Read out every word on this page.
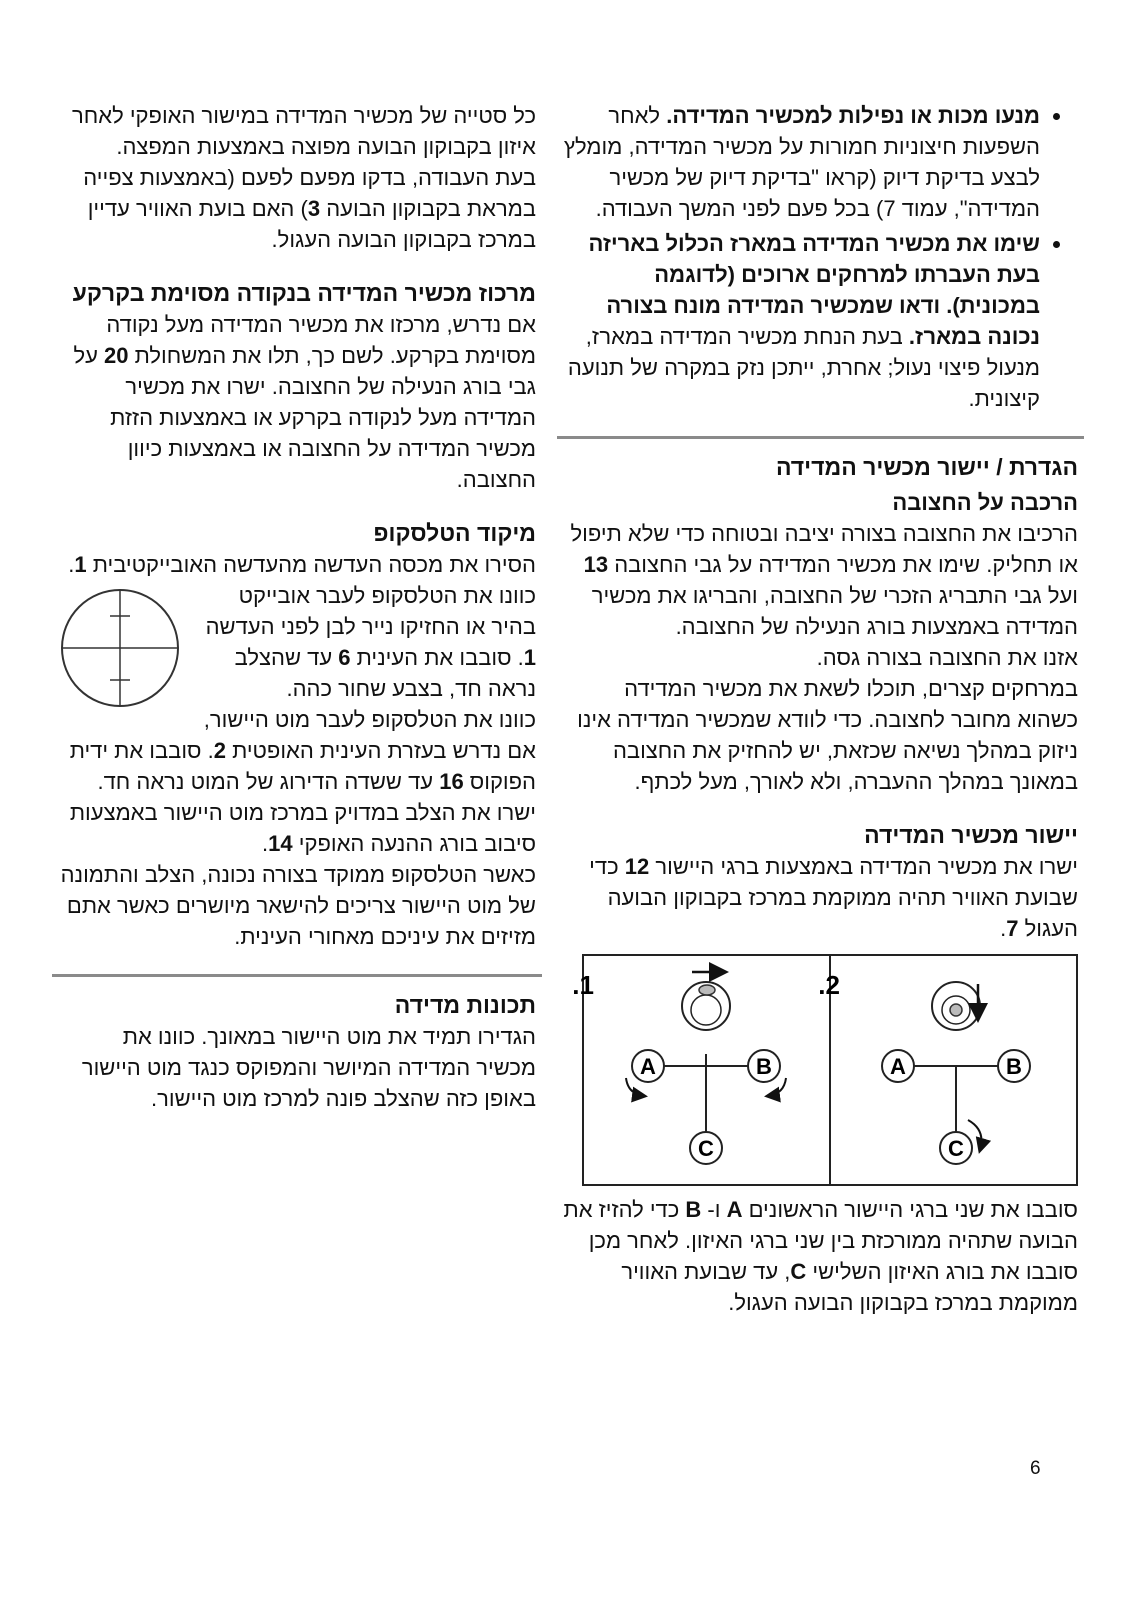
• מנעו מכות או נפילות למכשיר המדידה. לאחר השפעות חיצוניות חמורות על מכשיר המדידה, מומלץ לבצע בדיקת דיוק (קראו "בדיקת דיוק של מכשיר המדידה", עמוד 7) בכל פעם לפני המשך העבודה.
• שימו את מכשיר המדידה במארז הכלול באריזה בעת העברתו למרחקים ארוכים (לדוגמה במכונית). ודאו שמכשיר המדידה מונח בצורה נכונה במארז. בעת הנחת מכשיר המדידה במארז, מנעול פיצוי נעול; אחרת, ייתכן נזק במקרה של תנועה קיצונית.
הגדרת / יישור מכשיר המדידה
הרכבה על החצובה

הרכיבו את החצובה בצורה יציבה ובטוחה כדי שלא תיפול או תחליק. שימו את מכשיר המדידה על גבי החצובה 13 ועל גבי התבריג הזכרי של החצובה, והבריגו את מכשיר המדידה באמצעות בורג הנעילה של החצובה.

אזנו את החצובה בצורה גסה.

במרחקים קצרים, תוכלו לשאת את מכשיר המדידה כשהוא מחובר לחצובה. כדי לוודא שמכשיר המדידה אינו ניזוק במהלך נשיאה שכזאת, יש להחזיק את החצובה במאונך במהלך ההעברה, ולא לאורך, מעל לכתף.

יישור מכשיר המדידה

ישרו את מכשיר המדידה באמצעות ברגי היישור 12 כדי שבועת האוויר תהיה ממוקמת במרכז בקבוקון הבועה העגול 7.

1.
A	B
C
2.
A	B
C

סובבו את שני ברגי היישור הראשונים A ו- B כדי להזיז את הבועה שתהיה ממורכזת בין שני ברגי האיזון. לאחר מכן סובבו את בורג האיזון השלישי C, עד שבועת האוויר ממוקמת במרכז בקבוקון הבועה העגול.

כל סטייה של מכשיר המדידה במישור האופקי לאחר איזון בקבוקון הבועה מפוצה באמצעות המפצה.

בעת העבודה, בדקו מפעם לפעם (באמצעות צפייה במראת בקבוקון הבועה 3) האם בועת האוויר עדיין במרכז בקבוקון הבועה העגול.

מרכוז מכשיר המדידה בנקודה מסוימת בקרקע

אם נדרש, מרכזו את מכשיר המדידה מעל נקודה מסוימת בקרקע. לשם כך, תלו את המשחולת 20 על גבי בורג הנעילה של החצובה. ישרו את מכשיר המדידה מעל לנקודה בקרקע או באמצעות הזזת מכשיר המדידה על החצובה או באמצעות כיוון החצובה.

מיקוד הטלסקופ

הסירו את מכסה העדשה מהעדשה האובייקטיבית 1.

כוונו את הטלסקופ לעבר אובייקט בהיר או החזיקו נייר לבן לפני העדשה 1. סובבו את העינית 6 עד שהצלב נראה חד, בצבע שחור כהה.

כוונו את הטלסקופ לעבר מוט היישור, אם נדרש בעזרת העינית האופטית 2. סובבו את ידית הפוקוס 16 עד ששדה הדירוג של המוט נראה חד. ישרו את הצלב במדויק במרכז מוט היישור באמצעות סיבוב בורג ההנעה האופקי 14.

כאשר הטלסקופ ממוקד בצורה נכונה, הצלב והתמונה של מוט היישור צריכים להישאר מיושרים כאשר אתם מזיזים את עיניכם מאחורי העינית.

תכונות מדידה

הגדירו תמיד את מוט היישור במאונך. כוונו את מכשיר המדידה המיושר והמפוקס כנגד מוט היישור באופן כזה שהצלב פונה למרכז מוט היישור.

6
